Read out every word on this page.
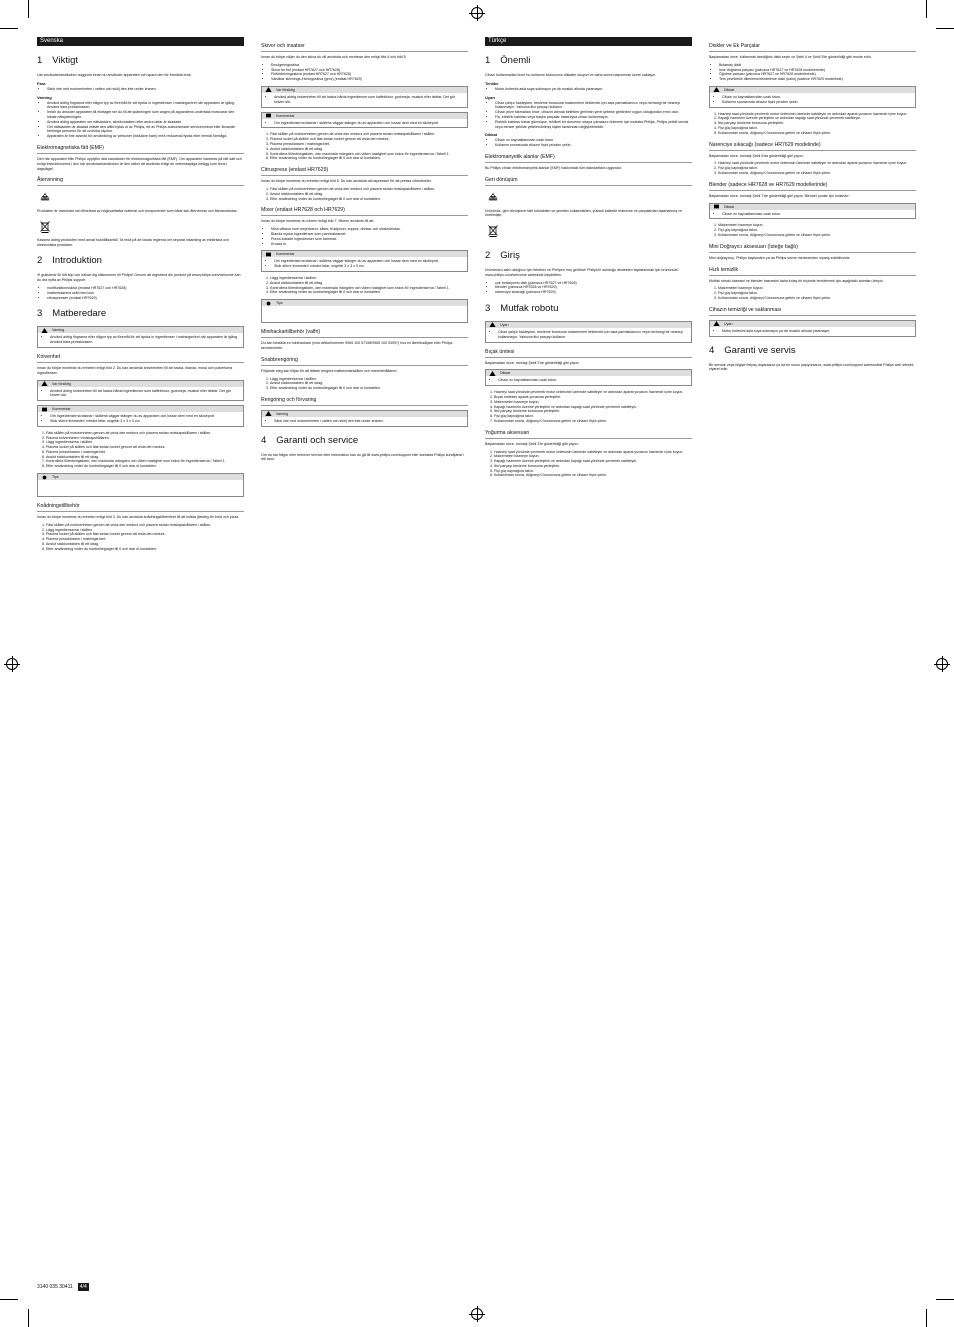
Svenska
1 Viktigt

Läs användarhandboken noggrant innan du använder apparaten och spara den för framtida bruk.

Fara
• Sänk inte ned motorenheten i vatten och skölj den inte under kranen.
Varning
• Använd aldrig fingrarna eller någon typ av föremål för att trycka in ingredienser i matningsröret när apparaten är igång. Använd bara pressklossen.
• Innan du ansluter apparaten till eluttaget ser du till att spänningen som anges på apparatens undersida motsvarar den lokala nätspänningen.
• Använd aldrig apparaten om nätsladden, stickkontakten eller andra delar är skadade.
• Om nätsladden är skadad måste den alltid bytas ut av Philips, ett av Philips auktoriserade serviceombud eller liknande behöriga personer för att undvika olyckor.
• Apparaten är inte avsedd för användning av personer (inklusive barn) med reducerad fysisk eller mental förmåga.
Elektromagnetiska fält (EMF)

Den här apparaten från Philips uppfyller alla standarder för elektromagnetiska fält (EMF). Om apparaten hanteras på rätt sätt och enligt instruktionerna i den här användarhandboken är den säker att använda enligt de vetenskapliga belägg som finns i dagsläget.

Återvinning

Produkten är utvecklad och tillverkad av högkvalitativa material och komponenter som både kan återvinnas och återanvändas.

Kassera aldrig produkten med annat hushållsavfall. Ta reda på de lokala reglerna om separat insamling av elektriska och elektroniska produkter.

2 Introduktion

Vi gratulerar till ditt köp och hälsar dig välkommen till Philips! Genom att registrera din produkt på www.philips.com/welcome kan du dra nytta av Philips support.

• multifunktionsskiva (endast HR7627 och HR7628)
• matberedarens skål med lock
• citruspressen (endast HR7629)
3 Matberedare
Varning
• Använd aldrig fingrarna eller någon typ av föremål för att trycka in ingredienser i matningsröret när apparaten är igång. Använd bara pressklossen.
Knivenhet

Innan du börjar monterar du enheten enligt bild 2. Du kan använda knivenheten till att hacka, blanda, mosa och pulverisera ingredienser.

Var försiktig
• Använd aldrig knivenheten till att hacka hårda ingredienser som kaffebönor, gurkmeja, muskot eller isbitar. Det gör kniven slö.
Kommentar
• Om ingredienserna fastnar i skålens väggar stänger du av apparaten och lossar dem med en slickepott.
• Skär större livsmedel i mindre bitar, ungefär 3 x 3 x 3 cm.
1. Fäst skålen på motorenheten genom att vrida den medurs och placera sedan redskapshållaren i skålen.
2. Placera knivenheten i redskapshållaren.
3. Lägg ingredienserna i skålen.
4. Placera locket på skålen och fäst sedan locket genom att vrida det medurs.
5. Placera pressklossen i matningsröret.
6. Anslut stickkontakten till ett uttag.
7. Kontrollera tillredningstiden, den maximala mängden och vilken hastighet som krävs för ingredienserna i Tabell 1.
8. Efter användning vrider du kontrollreglaget till 0 och drar ut kontakten.
Tips
Knådningstillbehör

Innan du börjar monterar du enheten enligt bild 3. Du kan använda knådningstillbehöret till att knåda jästdeg för bröd och pizza.

1. Fäst skålen på motorenheten genom att vrida den medurs och placera sedan redskapshållaren i skålen.
2. Lägg ingredienserna i skålen.
3. Placera locket på skålen och fäst sedan locket genom att vrida det medurs.
4. Placera pressklossen i matningsröret.
5. Anslut stickkontakten till ett uttag.
6. Efter användning vrider du kontrollreglaget till 0 och drar ut kontakten.
Skivor och insatser

Innan du börjar väljer du den skiva du vill använda och monterar den enligt bild 4 och bild 5.

• Emulgeringsskiva
• Skiva för fint (endast HR7627 och HR7628)
• Finfördelningsskiva (endast HR7627 och HR7628)
• Vändbar skivnings-/rivningsskiva (grov) (endast HR7629)
Var försiktig
• Använd aldrig knivenheten till att hacka hårda ingredienser som kaffebönor, gurkmeja, muskot eller isbitar. Det gör kniven slö.
Kommentar
• Om ingredienserna fastnar i skålens väggar stänger du av apparaten och lossar dem med en slickepott.
1. Fäst skålen på motorenheten genom att vrida den medurs och placera sedan redskapshållaren i skålen.
2. Placera locket på skålen och fäst sedan locket genom att vrida det medurs.
3. Placera pressklossen i matningsröret.
4. Anslut stickkontakten till ett uttag.
5. Kontrollera tillredningstiden, den maximala mängden och vilken hastighet som krävs för ingredienserna i Tabell 1.
6. Efter användning vrider du kontrollreglaget till 0 och drar ut kontakten.
Citruspress (endast HR7629)

Innan du börjar monterar du enheten enligt bild 6. Du kan använda citruspressen för att pressa citrusfrukter.

1. Fäst skålen på motorenheten genom att vrida den medurs och placera sedan redskapshållaren i skålen.
2. Anslut stickkontakten till ett uttag.
3. Efter användning vrider du kontrollreglaget till 0 och drar ut kontakten.
Mixer (endast HR7628 och HR7629)

Innan du börjar monterar du mixern enligt bild 7. Mixern används till att:

• Mixa vätskor som mejerivaror, såser, fruktjuicer, soppor, drinkar och shakedrinkar.
• Blanda mjuka ingredienser som pannkakssmet.
• Purea kokade ingredienser som barnmat.
• Krossa is.
Kommentar
• Om ingredienserna fastnar i skålens väggar stänger du av apparaten och lossar dem med en slickepott.
• Skär större livsmedel i mindre bitar, ungefär 3 x 3 x 3 cm.
1. Lägg ingredienserna i skålen.
2. Anslut stickkontakten till ett uttag.
3. Kontrollera tillredningstiden, den maximala mängden och vilken hastighet som krävs för ingredienserna i Tabell 1.
4. Efter användning vrider du kontrollreglaget till 0 och drar ut kontakten.
Tips
Minihackartillbehör (valfri)

Du kan beställa en minihackare (med artikelnummer 9965 100 57198/9965 100 53997) hos en återförsäljare eller Philips servicecenter.

Snabbrengöring

Följande steg kan följas för att lättare rengöra matberedarskålen och mixerbehållaren.

1. Lägg ingredienserna i skålen.
2. Anslut stickkontakten till ett uttag.
3. Efter användning vrider du kontrollreglaget till 0 och drar ut kontakten.
Rengöring och förvaring
Varning
• Sänk inte ned motorenheten i vatten och skölj den inte under kranen.
4 Garanti och service

Om du har frågor eller behöver service eller information kan du gå till www.philips.com/support eller kontakta Philips kundtjänst i ditt land.

Türkçe
1 Önemli

Cihazı kullanmadan önce bu kullanım kılavuzunu dikkatle okuyun ve daha sonra başvurmak üzere saklayın.

Tehlike
• Motor ünitesini asla suya sokmayın ya da musluk altında yıkamayın.
Uyarı
• Cihaz çalışır haldeyken, besleme borusuna malzemeleri iteklemek için asla parmaklarınızı veya herhangi bir nesneyi kullanmayın. Yalnızca itici parçayı kullanın.
• Cihazı prize takmadan önce, cihazın altında belirtilen gerilimin yerel şebeke gerilimine uygun olduğundan emin olun.
• Fiş, elektrik kablosu veya başka parçalar hasarlıysa cihazı kullanmayın.
• Elektrik kablosu hasar görmüşse, tehlikeli bir durumun ortaya çıkmasını önlemek için mutlaka Philips, Philips yetkili servisi veya benzer şekilde yetkilendirilmiş kişiler tarafından değiştirilmelidir.
Dikkat
• Cihazı ısı kaynaklarından uzak tutun.
• Kullanım sonrasında cihazın fişini prizden çekin.
Elektromanyetik alanlar (EMF)

Bu Philips cihazı elektromanyetik alanlar (EMF) hakkındaki tüm standartlara uygundur.

Geri dönüşüm

Ürününüz, geri dönüşüme tabi tutulabilen ve yeniden kullanılabilen, yüksek kalitede malzeme ve parçalardan tasarlanmış ve üretilmiştir.

2 Giriş

Ürününüzü satın aldığınız için tebrikler ve Philips'e hoş geldiniz! Philips'in sunduğu destekten faydalanmak için ürününüzü www.philips.com/welcome adresinde kaydettirin.

• çok fonksiyonlu disk (yalnızca HR7627 ve HR7628)
• blender (yalnızca HR7628 ve HR7629)
• narenciye sıkacağı (yalnızca HR7629)
3 Mutfak robotu
Uyarı
• Cihaz çalışır haldeyken, besleme borusuna malzemeleri iteklemek için asla parmaklarınızı veya herhangi bir nesneyi kullanmayın. Yalnızca itici parçayı kullanın.
Bıçak ünitesi

Başlamadan önce, montajı Şekil 2'de gösterildiği gibi yapın.

Dikkat
• Cihazı ısı kaynaklarından uzak tutun.
1. Hazneyi saat yönünde çevirerek motor ünitesinin üzerinde sabitleyin ve ardından aparat yuvasını haznenin içine koyun.
2. Bıçak ünitesini aparat yuvasına yerleştirin.
3. Malzemeleri hazneye koyun.
4. Kapağı haznenin üzerine yerleştirin ve ardından kapağı saat yönünde çevirerek sabitleyin.
5. İtici parçayı besleme borusuna yerleştirin.
6. Fişi güç kaynağına takın.
7. Kullanımdan sonra, düğmeyi 0 konumuna getirin ve cihazın fişini çekin.
Yoğurma aksesuarı

Başlamadan önce, montajı Şekil 3'te gösterildiği gibi yapın.

1. Hazneyi saat yönünde çevirerek motor ünitesinin üzerinde sabitleyin ve ardından aparat yuvasını haznenin içine koyun.
2. Malzemeleri hazneye koyun.
3. Kapağı haznenin üzerine yerleştirin ve ardından kapağı saat yönünde çevirerek sabitleyin.
4. İtici parçayı besleme borusuna yerleştirin.
5. Fişi güç kaynağına takın.
6. Kullanımdan sonra, düğmeyi 0 konumuna getirin ve cihazın fişini çekin.
Diskler ve Ek Parçalar

Başlamadan önce, kullanmak istediğiniz diski seçin ve Şekil 4 ve Şekil 5'te gösterildiği gibi monte edin.

• Bulamaç diski
• İnce doğrama parçası (yalnızca HR7627 ve HR7628 modellerinde)
• Öğütme parçası (yalnızca HR7627 ve HR7628 modellerinde)
• Ters çevrilebilir dilimleme/rendeleme diski (kalın) (sadece HR7629 modelinde)
Dikkat
• Cihazı ısı kaynaklarından uzak tutun.
• Kullanım sonrasında cihazın fişini prizden çekin.
1. Hazneyi saat yönünde çevirerek motor ünitesinin üzerinde sabitleyin ve ardından aparat yuvasını haznenin içine koyun.
2. Kapağı haznenin üzerine yerleştirin ve ardından kapağı saat yönünde çevirerek sabitleyin.
3. İtici parçayı besleme borusuna yerleştirin.
4. Fişi güç kaynağına takın.
5. Kullanımdan sonra, düğmeyi 0 konumuna getirin ve cihazın fişini çekin.
Narenciye sıkacağı (sadece HR7629 modelinde)

Başlamadan önce, montajı Şekil 6'da gösterildiği gibi yapın.

1. Hazneyi saat yönünde çevirerek motor ünitesinin üzerinde sabitleyin ve ardından aparat yuvasını haznenin içine koyun.
2. Fişi güç kaynağına takın.
3. Kullanımdan sonra, düğmeyi 0 konumuna getirin ve cihazın fişini çekin.
Blender (sadece HR7628 ve HR7629 modellerinde)

Başlamadan önce, montajı Şekil 7'de gösterildiği gibi yapın. Blender şunlar için kullanılır:

Dikkat
• Cihazı ısı kaynaklarından uzak tutun.
1. Malzemeleri hazneye koyun.
2. Fişi güç kaynağına takın.
3. Kullanımdan sonra, düğmeyi 0 konumuna getirin ve cihazın fişini çekin.
Mini Doğrayıcı aksesuarı (İsteğe bağlı)

Mini doğrayıcıyı, Philips bayisinden ya da Philips servis merkezinden sipariş edebilirsiniz.

Hızlı temizlik

Mutfak robotu kasesini ve blender haznesini daha kolay bir biçimde temizlemek için aşağıdaki adımları izleyin.

1. Malzemeleri hazneye koyun.
2. Fişi güç kaynağına takın.
3. Kullanımdan sonra, düğmeyi 0 konumuna getirin ve cihazın fişini çekin.
Cihazın temizliği ve saklanması
Uyarı
• Motor ünitesini asla suya sokmayın ya da musluk altında yıkamayın.
4 Garanti ve servis

Bir servise veya bilgiye ihtiyaç duyarsanız ya da bir sorun yaşıyorsanız, www.philips.com/support adresindeki Philips web sitesini ziyaret edin.

3140 035 30411 4/4
